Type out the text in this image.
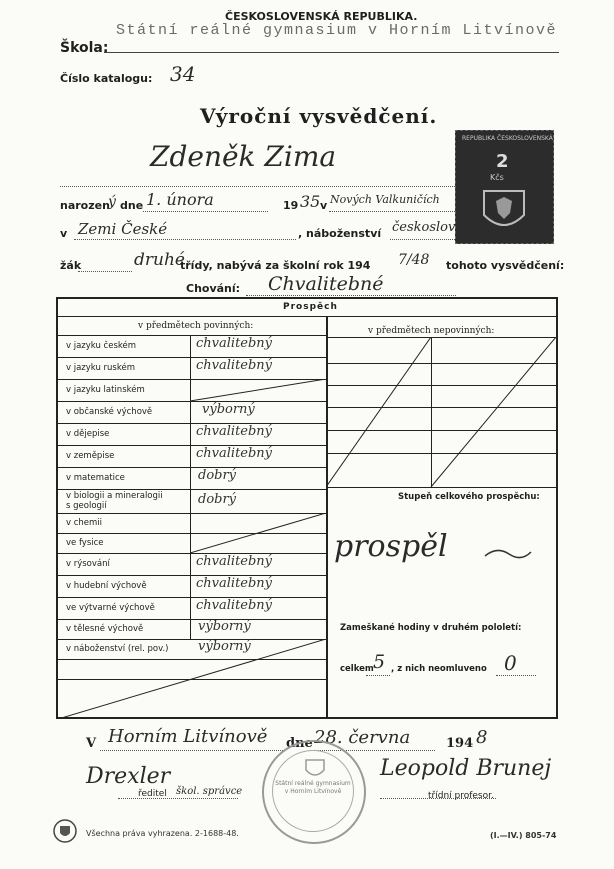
ČESKOSLOVENSKÁ REPUBLIKA.
Škola:
Státní reálné gymnasium v Horním Litvínově
Číslo katalogu: 34
Výroční vysvědčení.
REPUBLIKA ČESKOSLOVENSKÁ
2
Kčs
Zdeněk Zima
narozen
ý dne 1. února	19 35 v Nových Valkuničích
v Zemi České	, náboženství českoslov.
žák	druhé
třídy, nabývá za školní rok 194 7/48 tohoto vysvědčení:
Chování: Chvalitebné
Prospěch
v předmětech povinných:	v předmětech nepovinných:
v jazyku českém	chvalitebný
v jazyku ruském	chvalitebný
v jazyku latinském
v občanské výchově	výborný
v dějepise	chvalitebný
v zeměpise	chvalitebný
v matematice	dobrý
v biologii a mineralogii
s geologií	dobrý
v chemii
ve fysice
v rýsování	chvalitebný
v hudební výchově	chvalitebný
ve výtvarné výchově	chvalitebný
v tělesné výchově	výborný
v náboženství (rel. pov.) výborný
Stupeň celkového prospěchu:
prospěl
Zameškané hodiny v druhém pololetí:
celkem 5 , z nich neomluveno 0
V Horním Litvínově dne 28. června	194 8
Drexler
ředitel škol. správce
Státní reálné gymnasium v Horním Litvínově
Leopold Brunej
třídní profesor.
Všechna práva vyhrazena. 2-1688-48.	(I.—IV.) 805-74
